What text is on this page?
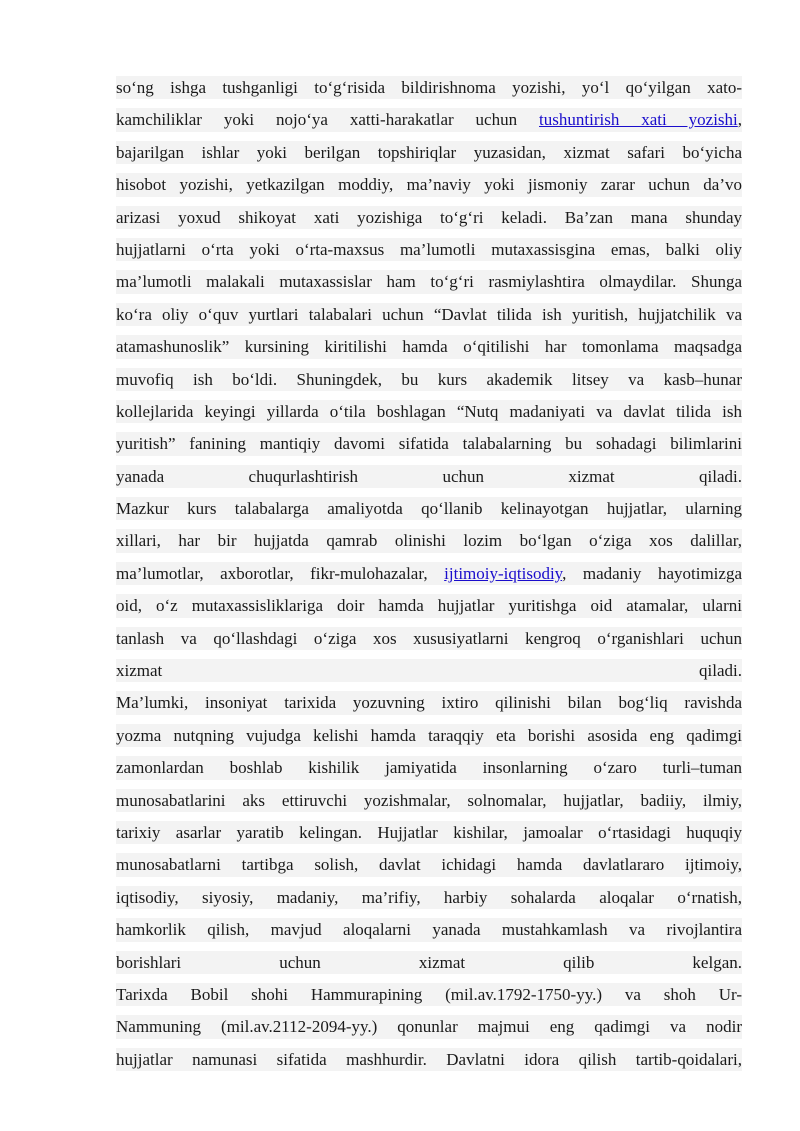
so‘ng ishga tushganligi to‘g‘risida bildirishnoma yozishi, yo‘l qo‘yilgan xato-
kamchiliklar yoki nojo‘ya xatti-harakatlar uchun tushuntirish xati yozishi,
bajarilgan ishlar yoki berilgan topshiriqlar yuzasidan, xizmat safari bo‘yicha
hisobot yozishi, yetkazilgan moddiy, ma’naviy yoki jismoniy zarar uchun da’vo
arizasi yoxud shikoyat xati yozishiga to‘g‘ri keladi. Ba’zan mana shunday
hujjatlarni o‘rta yoki o‘rta-maxsus ma’lumotli mutaxassisgina emas, balki oliy
ma’lumotli malakali mutaxassislar ham to‘g‘ri rasmiylashtira olmaydilar. Shunga
ko‘ra oliy o‘quv yurtlari talabalari uchun “Davlat tilida ish yuritish, hujjatchilik va
atamashunoslik” kursining kiritilishi hamda o‘qitilishi har tomonlama maqsadga
muvofiq ish bo‘ldi. Shuningdek, bu kurs akademik litsey va kasb–hunar
kollejlarida keyingi yillarda o‘tila boshlagan “Nutq madaniyati va davlat tilida ish
yuritish” fanining mantiqiy davomi sifatida talabalarning bu sohadagi bilimlarini
yanada chuqurlashtirish uchun xizmat qiladi.
Mazkur kurs talabalarga amaliyotda qo‘llanib kelinayotgan hujjatlar, ularning
xillari, har bir hujjatda qamrab olinishi lozim bo‘lgan o‘ziga xos dalillar,
ma’lumotlar, axborotlar, fikr-mulohazalar, ijtimoiy-iqtisodiy, madaniy hayotimizga
oid, o‘z mutaxassisliklariga doir hamda hujjatlar yuritishga oid atamalar, ularni
tanlash va qo‘llashdagi o‘ziga xos xususiyatlarni kengroq o‘rganishlari uchun
xizmat qiladi.
Ma’lumki, insoniyat tarixida yozuvning ixtiro qilinishi bilan bog‘liq ravishda
yozma nutqning vujudga kelishi hamda taraqqiy eta borishi asosida eng qadimgi
zamonlardan boshlab kishilik jamiyatida insonlarning o‘zaro turli–tuman
munosabatlarini aks ettiruvchi yozishmalar, solnomalar, hujjatlar, badiiy, ilmiy,
tarixiy asarlar yaratib kelingan. Hujjatlar kishilar, jamoalar o‘rtasidagi huquqiy
munosabatlarni tartibga solish, davlat ichidagi hamda davlatlararo ijtimoiy,
iqtisodiy, siyosiy, madaniy, ma’rifiy, harbiy sohalarda aloqalar o‘rnatish,
hamkorlik qilish, mavjud aloqalarni yanada mustahkamlash va rivojlantira
borishlari uchun xizmat qilib kelgan.
Tarixda Bobil shohi Hammurapining (mil.av.1792-1750-yy.) va shoh Ur-
Nammuning (mil.av.2112-2094-yy.) qonunlar majmui eng qadimgi va nodir
hujjatlar namunasi sifatida mashhurdir. Davlatni idora qilish tartib-qoidalari,
